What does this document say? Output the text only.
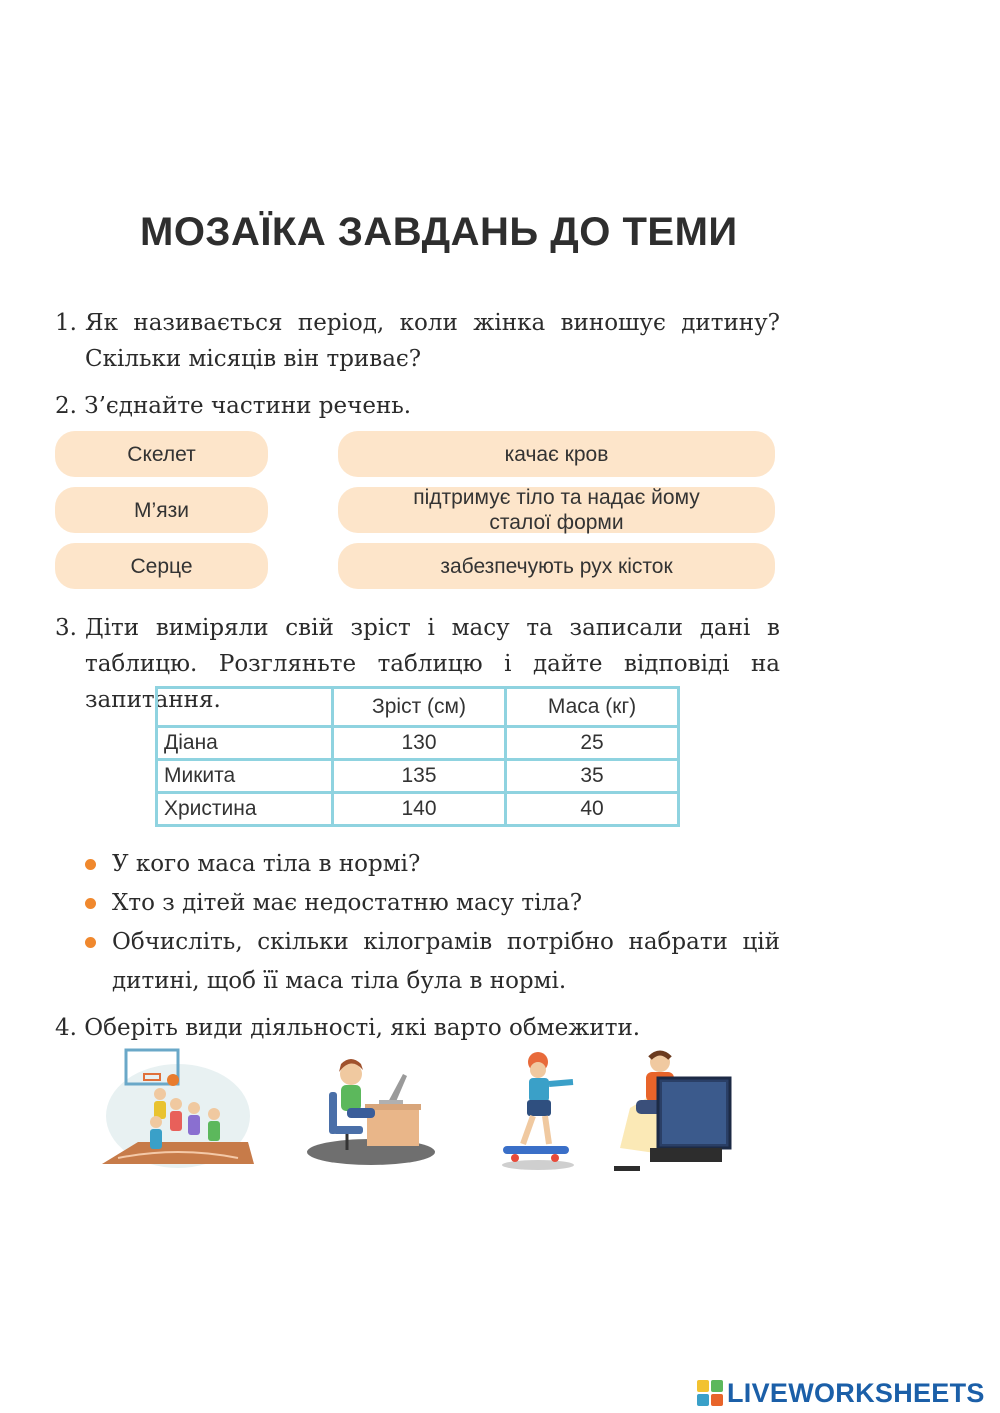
МОЗАЇКА ЗАВДАНЬ ДО ТЕМИ
1. Як називається період, коли жінка виношує дитину? Скільки місяців він триває?
2. З’єднайте частини речень.
Скелет
М’язи
Серце
качає кров
підтримує тіло та надає йому сталої форми
забезпечують рух кісток
3. Діти виміряли свій зріст і масу та записали дані в таблицю. Розгляньте таблицю і дайте відповіді на запитання.
		Зріст (см)	Маса (кг)
Діана	130	25
Микита	135	35
Христина	140	40
У кого маса тіла в нормі?
Хто з дітей має недостатню масу тіла?
Обчисліть, скільки кілограмів потрібно набрати цій дитині, щоб її маса тіла була в нормі.
4. Оберіть види діяльності, які варто обмежити.
LIVEWORKSHEETS
